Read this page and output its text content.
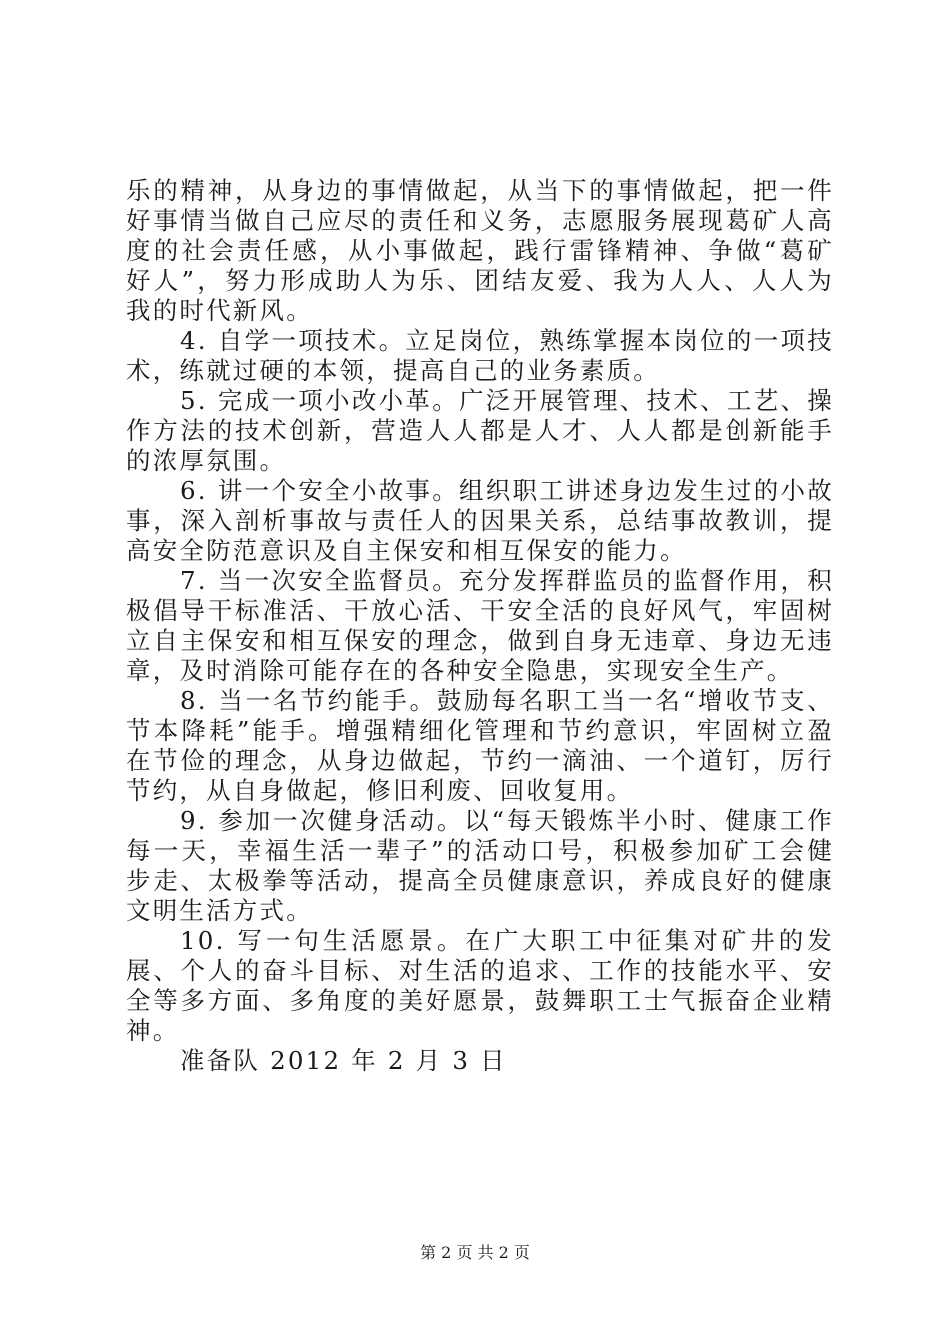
乐的精神，从身边的事情做起，从当下的事情做起，把一件好事情当做自己应尽的责任和义务，志愿服务展现葛矿人高度的社会责任感，从小事做起，践行雷锋精神、争做“葛矿好人”，努力形成助人为乐、团结友爱、我为人人、人人为我的时代新风。

4. 自学一项技术。立足岗位，熟练掌握本岗位的一项技术，练就过硬的本领，提高自己的业务素质。

5. 完成一项小改小革。广泛开展管理、技术、工艺、操作方法的技术创新，营造人人都是人才、人人都是创新能手的浓厚氛围。

6. 讲一个安全小故事。组织职工讲述身边发生过的小故事，深入剖析事故与责任人的因果关系，总结事故教训，提高安全防范意识及自主保安和相互保安的能力。

7. 当一次安全监督员。充分发挥群监员的监督作用，积极倡导干标准活、干放心活、干安全活的良好风气，牢固树立自主保安和相互保安的理念，做到自身无违章、身边无违章，及时消除可能存在的各种安全隐患，实现安全生产。

8. 当一名节约能手。鼓励每名职工当一名“增收节支、节本降耗”能手。增强精细化管理和节约意识，牢固树立盈在节俭的理念，从身边做起，节约一滴油、一个道钉，厉行节约，从自身做起，修旧利废、回收复用。

9. 参加一次健身活动。以“每天锻炼半小时、健康工作每一天，幸福生活一辈子”的活动口号，积极参加矿工会健步走、太极拳等活动，提高全员健康意识，养成良好的健康文明生活方式。

10. 写一句生活愿景。在广大职工中征集对矿井的发展、个人的奋斗目标、对生活的追求、工作的技能水平、安全等多方面、多角度的美好愿景，鼓舞职工士气振奋企业精神。

准备队 2012 年 2 月 3 日

第 2 页 共 2 页
